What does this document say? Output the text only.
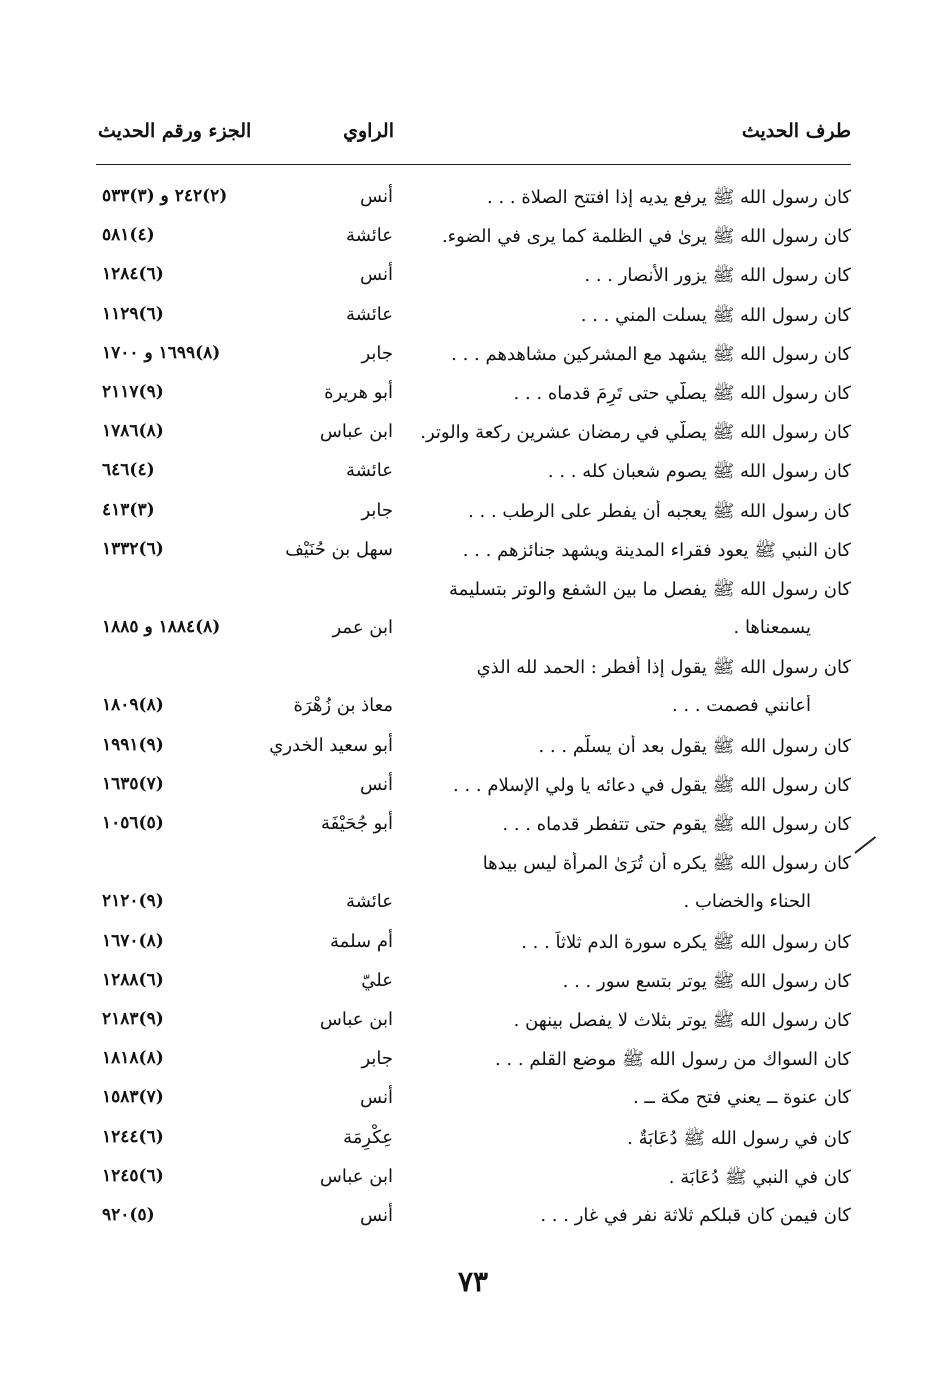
طرف الحديث
الراوي
الجزء ورقم الحديث
كان رسول الله ﷺ يرفع يديه إذا افتتح الصلاة . . .
أنس
(٢)٢٤٢ و (٣)٥٣٣
كان رسول الله ﷺ يرىٰ في الظلمة كما يرى في الضوء.
عائشة
(٤)٥٨١
كان رسول الله ﷺ يزور الأنصار . . .
أنس
(٦)١٢٨٤
كان رسول الله ﷺ يسلت المني . . .
عائشة
(٦)١١٢٩
كان رسول الله ﷺ يشهد مع المشركين مشاهدهم . . .
جابر
(٨)١٦٩٩ و ١٧٠٠
كان رسول الله ﷺ يصلّي حتى تَرِمَ قدماه . . .
أبو هريرة
(٩)٢١١٧
كان رسول الله ﷺ يصلّي في رمضان عشرين ركعة والوتر.
ابن عباس
(٨)١٧٨٦
كان رسول الله ﷺ يصوم شعبان كله . . .
عائشة
(٤)٦٤٦
كان رسول الله ﷺ يعجبه أن يفطر على الرطب . . .
جابر
(٣)٤١٣
كان النبي ﷺ يعود فقراء المدينة ويشهد جنائزهم . . .
سهل بن حُنَيْف
(٦)١٣٣٢
كان رسول الله ﷺ يفصل ما بين الشفع والوتر بتسليمة
يسمعناها .
ابن عمر
(٨)١٨٨٤ و ١٨٨٥
كان رسول الله ﷺ يقول إذا أفطر : الحمد لله الذي
أعانني فصمت . . .
معاذ بن زُهْرَة
(٨)١٨٠٩
كان رسول الله ﷺ يقول بعد أن يسلّم . . .
أبو سعيد الخدري
(٩)١٩٩١
كان رسول الله ﷺ يقول في دعائه يا ولي الإسلام . . .
أنس
(٧)١٦٣٥
كان رسول الله ﷺ يقوم حتى تتفطر قدماه . . .
أبو جُحَيْفَة
(٥)١٠٥٦
كان رسول الله ﷺ يكره أن تُرَىٰ المرأة ليس بيدها
الحناء والخضاب .
عائشة
(٩)٢١٢٠
كان رسول الله ﷺ يكره سورة الدم ثلاثاً . . .
أم سلمة
(٨)١٦٧٠
كان رسول الله ﷺ يوتر بتسع سور . . .
عليّ
(٦)١٢٨٨
كان رسول الله ﷺ يوتر بثلاث لا يفصل بينهن .
ابن عباس
(٩)٢١٨٣
كان السواك من رسول الله ﷺ موضع القلم . . .
جابر
(٨)١٨١٨
كان عنوة ــ يعني فتح مكة ــ .
أنس
(٧)١٥٨٣
كان في رسول الله ﷺ دُعَابَةٌ .
عِكْرِمَة
(٦)١٢٤٤
كان في النبي ﷺ دُعَابَة .
ابن عباس
(٦)١٢٤٥
كان فيمن كان قبلكم ثلاثة نفر في غار . . .
أنس
(٥)٩٢٠
٧٣
